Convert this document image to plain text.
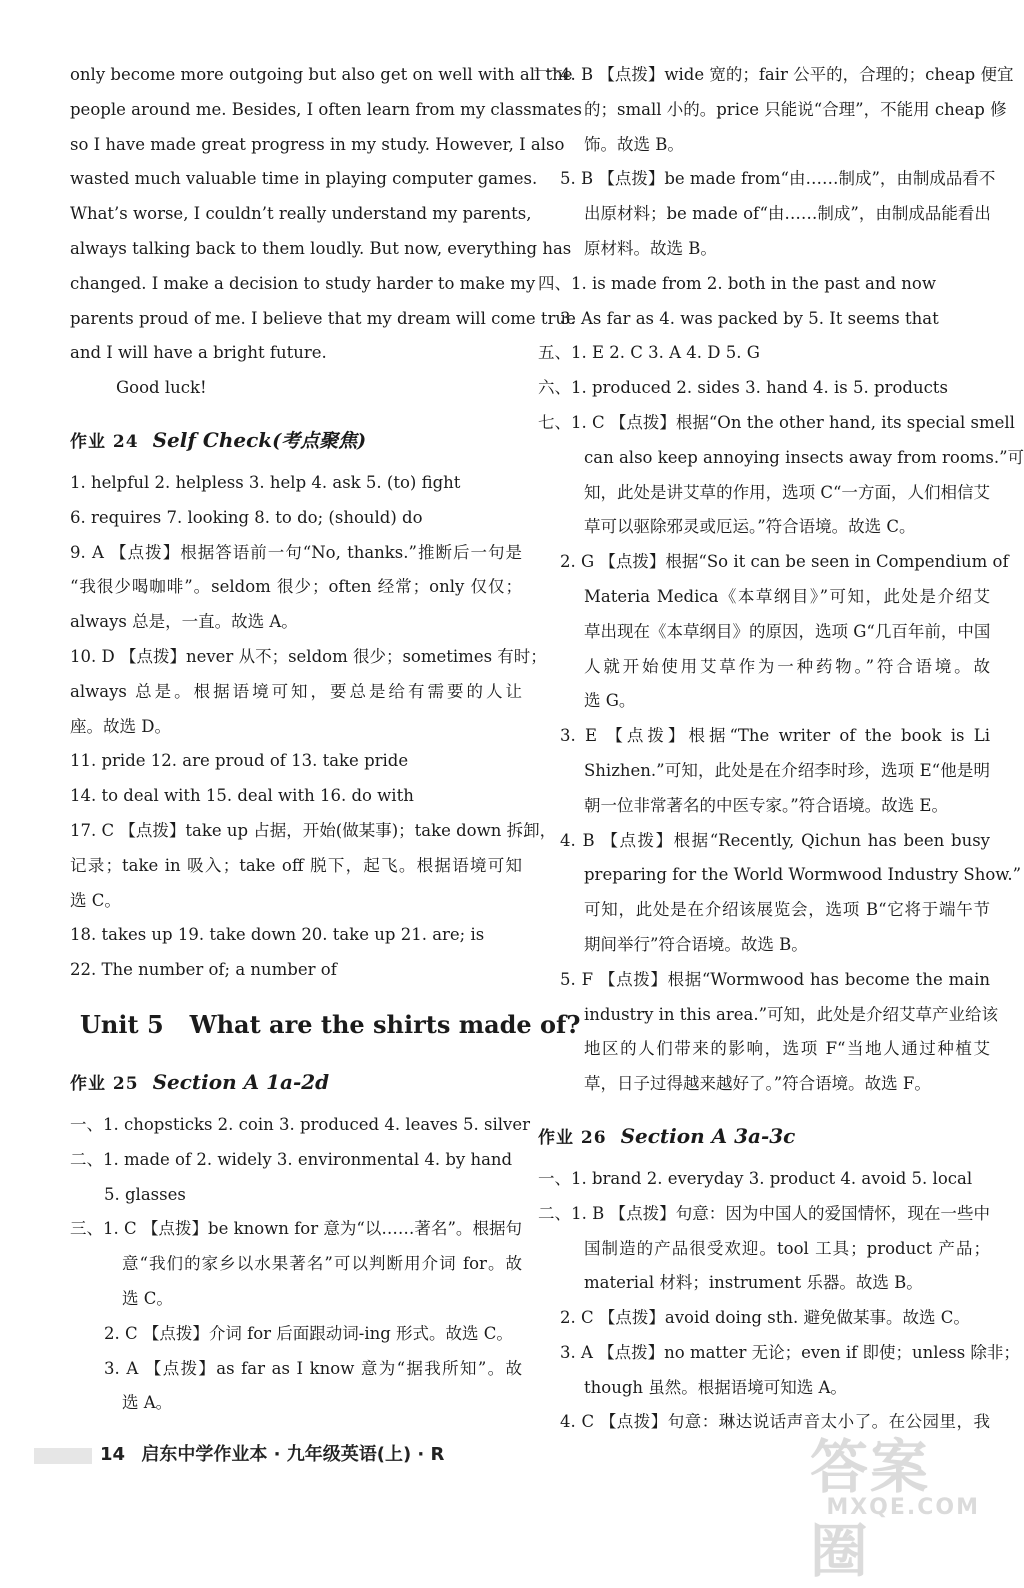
only become more outgoing but also get on well with all the
people around me. Besides, I often learn from my classmates
so I have made great progress in my study. However, I also
wasted much valuable time in playing computer games.
What’s worse, I couldn’t really understand my parents,
always talking back to them loudly. But now, everything has
changed. I make a decision to study harder to make my
parents proud of me. I believe that my dream will come true
and I will have a bright future.
Good luck!
作业 24 Self Check(考点聚焦)
1. helpful 2. helpless 3. help 4. ask 5. (to) fight
6. requires 7. looking 8. to do; (should) do
9. A 【点拨】根据答语前一句“No, thanks.”推断后一句是
“我很少喝咖啡”。seldom 很少；often 经常；only 仅仅；
always 总是，一直。故选 A。
10. D 【点拨】never 从不；seldom 很少；sometimes 有时；
always 总是。根据语境可知，要总是给有需要的人让
座。故选 D。
11. pride 12. are proud of 13. take pride
14. to deal with 15. deal with 16. do with
17. C 【点拨】take up 占据，开始(做某事)；take down 拆卸，
记录；take in 吸入；take off 脱下，起飞。根据语境可知
选 C。
18. takes up 19. take down 20. take up 21. are; is
22. The number of; a number of
Unit 5 What are the shirts made of?
作业 25 Section A 1a-2d
一、1. chopsticks 2. coin 3. produced 4. leaves 5. silver
二、1. made of 2. widely 3. environmental 4. by hand
5. glasses
三、1. C 【点拨】be known for 意为“以……著名”。根据句
意“我们的家乡以水果著名”可以判断用介词 for。故
选 C。
2. C 【点拨】介词 for 后面跟动词-ing 形式。故选 C。
3. A 【点拨】as far as I know 意为“据我所知”。故
选 A。
4. B 【点拨】wide 宽的；fair 公平的，合理的；cheap 便宜
的；small 小的。price 只能说“合理”，不能用 cheap 修
饰。故选 B。
5. B 【点拨】be made from“由……制成”，由制成品看不
出原材料；be made of“由……制成”，由制成品能看出
原材料。故选 B。
四、1. is made from 2. both in the past and now
3. As far as 4. was packed by 5. It seems that
五、1. E 2. C 3. A 4. D 5. G
六、1. produced 2. sides 3. hand 4. is 5. products
七、1. C 【点拨】根据“On the other hand, its special smell
can also keep annoying insects away from rooms.”可
知，此处是讲艾草的作用，选项 C“一方面，人们相信艾
草可以驱除邪灵或厄运。”符合语境。故选 C。
2. G 【点拨】根据“So it can be seen in Compendium of
Materia Medica《本草纲目》”可知，此处是介绍艾
草出现在《本草纲目》的原因，选项 G“几百年前，中国
人就开始使用艾草作为一种药物。”符合语境。故
选 G。
3. E 【点拨】根据“The writer of the book is Li
Shizhen.”可知，此处是在介绍李时珍，选项 E“他是明
朝一位非常著名的中医专家。”符合语境。故选 E。
4. B 【点拨】根据“Recently, Qichun has been busy
preparing for the World Wormwood Industry Show.”
可知，此处是在介绍该展览会，选项 B“它将于端午节
期间举行”符合语境。故选 B。
5. F 【点拨】根据“Wormwood has become the main
industry in this area.”可知，此处是介绍艾草产业给该
地区的人们带来的影响，选项 F“当地人通过种植艾
草，日子过得越来越好了。”符合语境。故选 F。
作业 26 Section A 3a-3c
一、1. brand 2. everyday 3. product 4. avoid 5. local
二、1. B 【点拨】句意：因为中国人的爱国情怀，现在一些中
国制造的产品很受欢迎。tool 工具；product 产品；
material 材料；instrument 乐器。故选 B。
2. C 【点拨】avoid doing sth. 避免做某事。故选 C。
3. A 【点拨】no matter 无论；even if 即使；unless 除非；
though 虽然。根据语境可知选 A。
4. C 【点拨】句意：琳达说话声音太小了。在公园里，我
14 启东中学作业本 · 九年级英语(上) · R	答案圈
MXQE.COM
